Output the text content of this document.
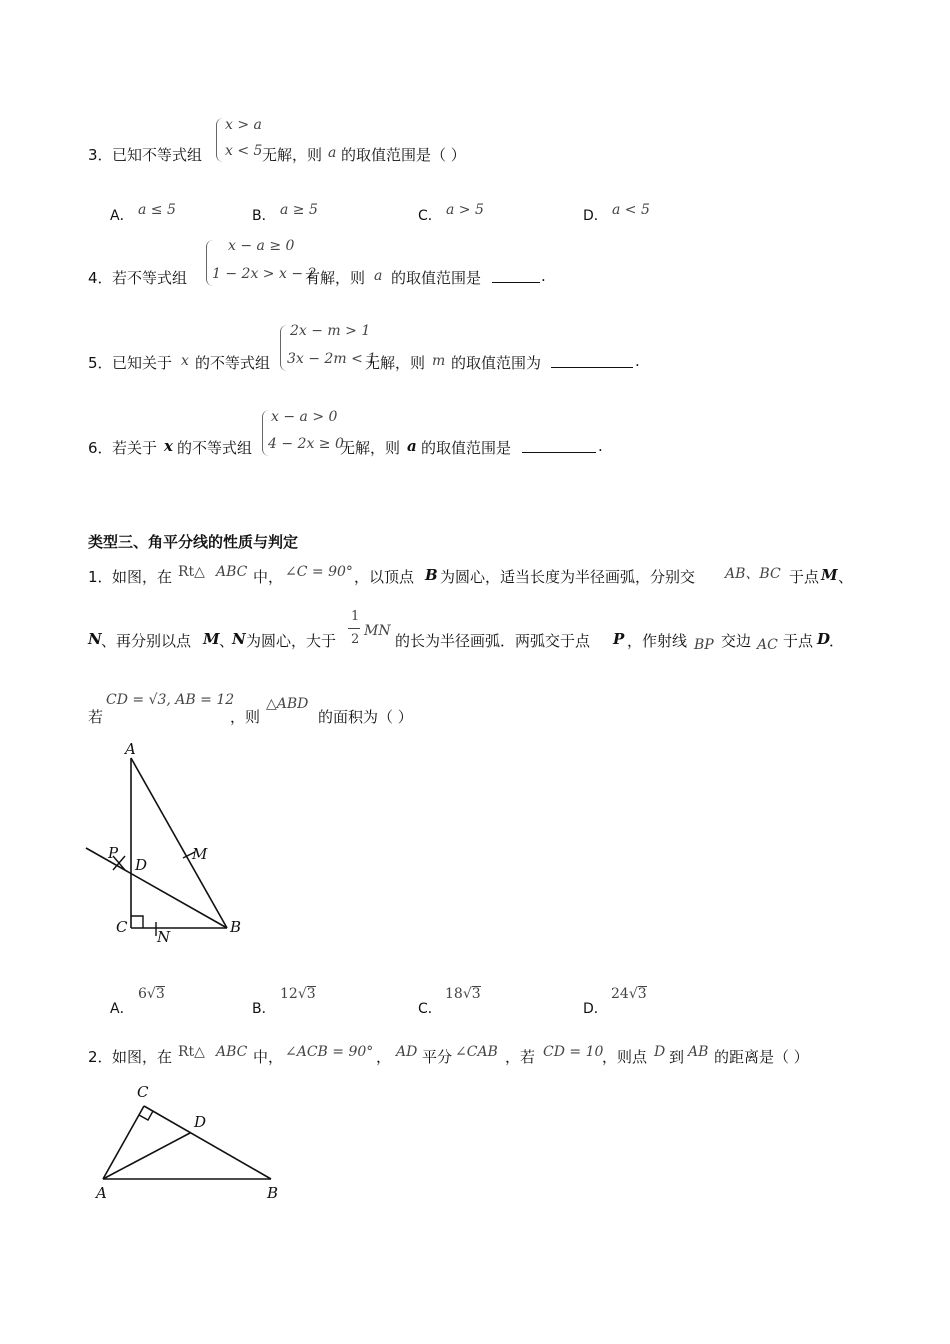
3． 已知不等式组
x > a
x < 5 无解，则 a 的取值范围是（ ）
A． a ≤ 5	B． a ≥ 5	C． a > 5	D． a < 5
4． 若不等式组
x − a ≥ 0
1 − 2x > x − 2
有解，则 a 的取值范围是	.
5． 已知关于 x 的不等式组
2x − m > 1
3x − 2m < 1
无解，则 m 的取值范围为	.
6． 若关于 x 的不等式组
x − a > 0
4 − 2x ≥ 0
无解，则 a 的取值范围是	.
类型三、角平分线的性质与判定
1． 如图，在 Rt△ ABC 中， ∠C = 90° ，以顶点 B 为圆心，适当长度为半径画弧，分别交 AB、BC 于点 M 、
N 、再分别以点 M 、
N 为圆心，大于
1
2
MN
的长为半径画弧．两弧交于点 P ，作射线 BP 交边 AC 于点 D
．
若
CD = √3, AB = 12
，则
△ABD
的面积为（ ）
A
B
C
D
M
N
P
A．
6√3
B．
12√3
C．
18√3
D．
24√3
2． 如图，在 Rt△ ABC 中， ∠ACB = 90° ， AD 平分 ∠CAB ，若 CD = 10
，则点 D 到 AB 的距离是（ ）
C
D
A	B
